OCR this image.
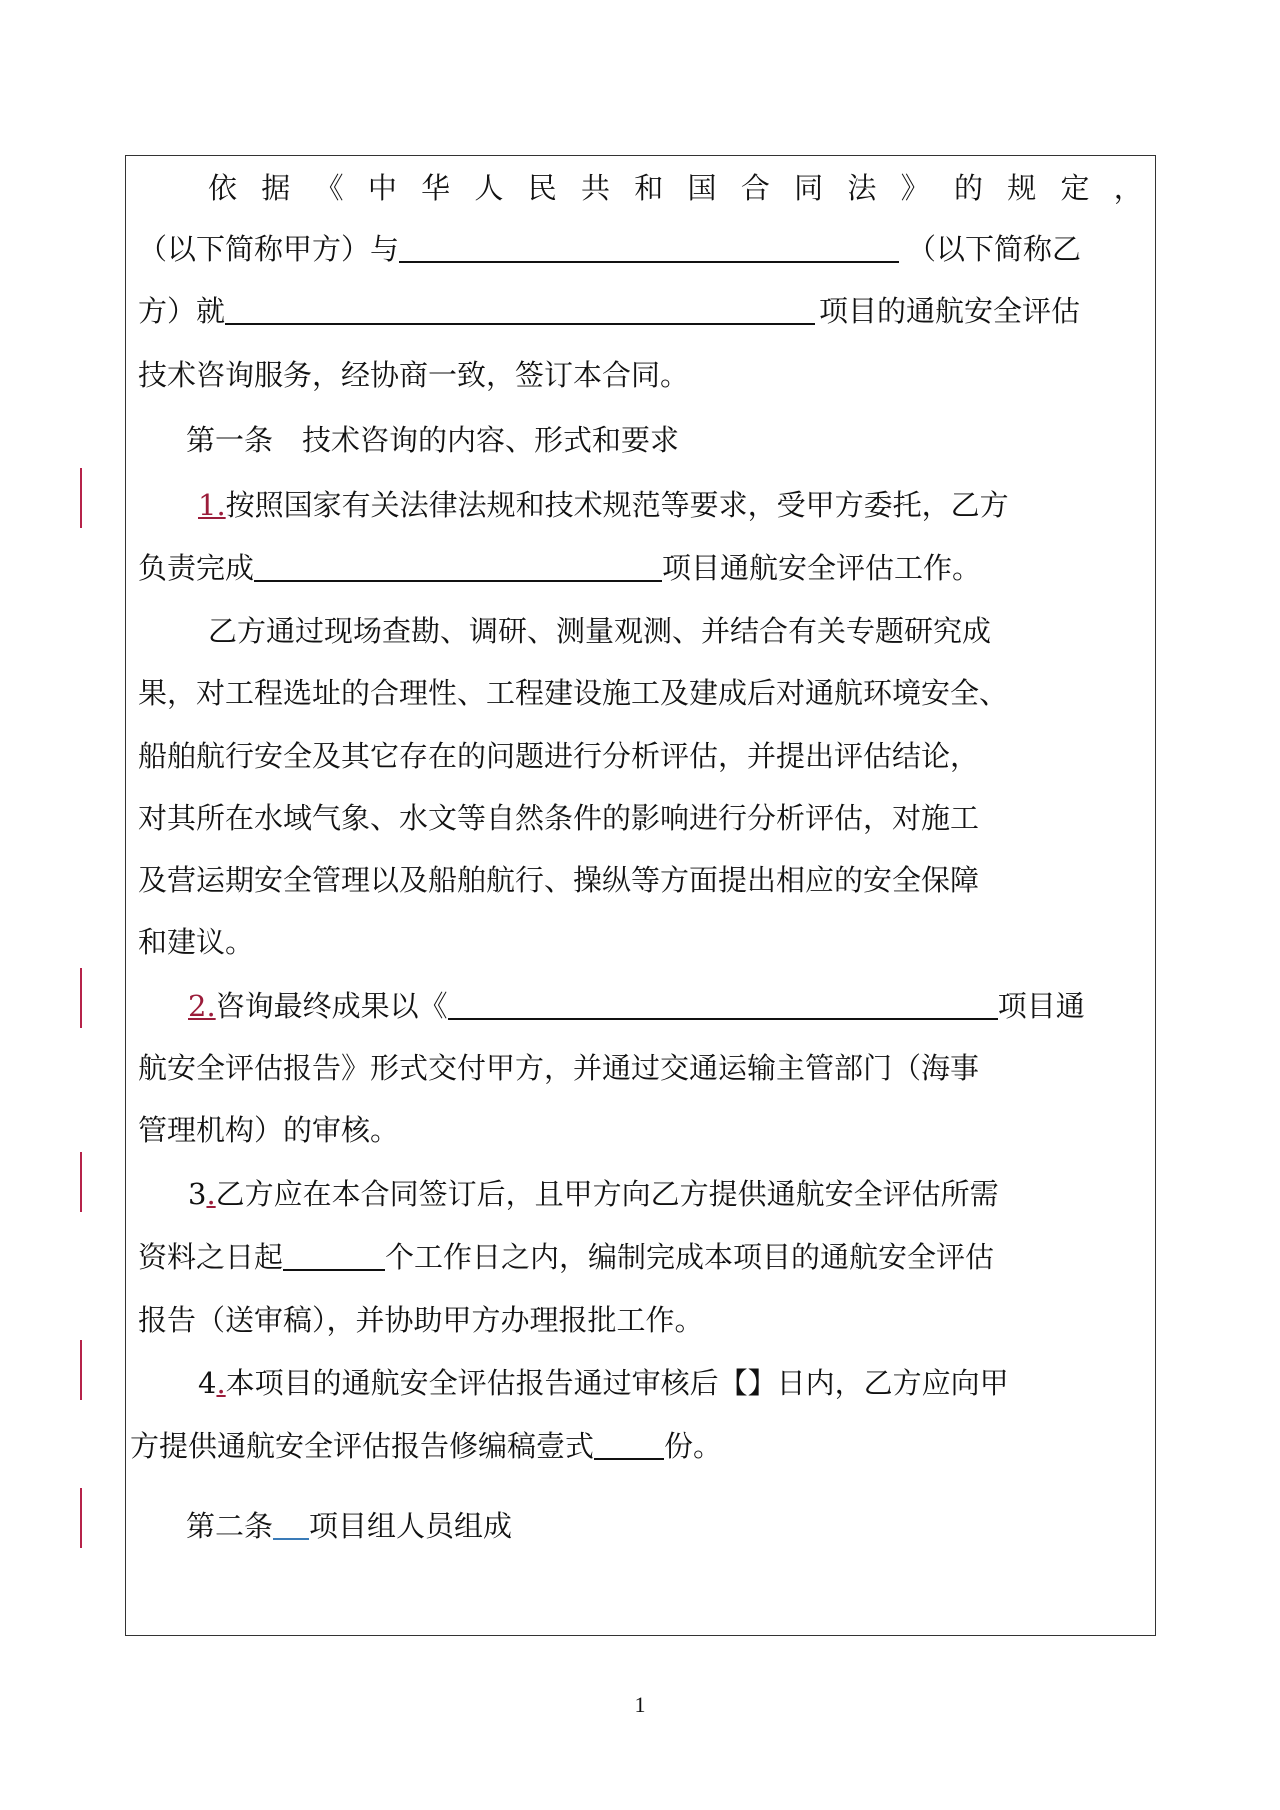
依 据 《 中 华 人 民 共 和 国 合 同 法 》 的 规 定 ，
（以下简称甲方）与	（以下简称乙
方）就	项目的通航安全评估
技术咨询服务，经协商一致，签订本合同。
第一条　技术咨询的内容、形式和要求
1.按照国家有关法律法规和技术规范等要求，受甲方委托，乙方
负责完成	项目通航安全评估工作。
乙方通过现场查勘、调研、测量观测、并结合有关专题研究成
果，对工程选址的合理性、工程建设施工及建成后对通航环境安全、
船舶航行安全及其它存在的问题进行分析评估，并提出评估结论，
对其所在水域气象、水文等自然条件的影响进行分析评估，对施工
及营运期安全管理以及船舶航行、操纵等方面提出相应的安全保障
和建议。
2.咨询最终成果以《	项目通
航安全评估报告》形式交付甲方，并通过交通运输主管部门（海事
管理机构）的审核。
3.乙方应在本合同签订后，且甲方向乙方提供通航安全评估所需
资料之日起	个工作日之内，编制完成本项目的通航安全评估
报告（送审稿），并协助甲方办理报批工作。
4.本项目的通航安全评估报告通过审核后【】日内，乙方应向甲
方提供通航安全评估报告修编稿壹式 份。
第二条 项目组人员组成
1
